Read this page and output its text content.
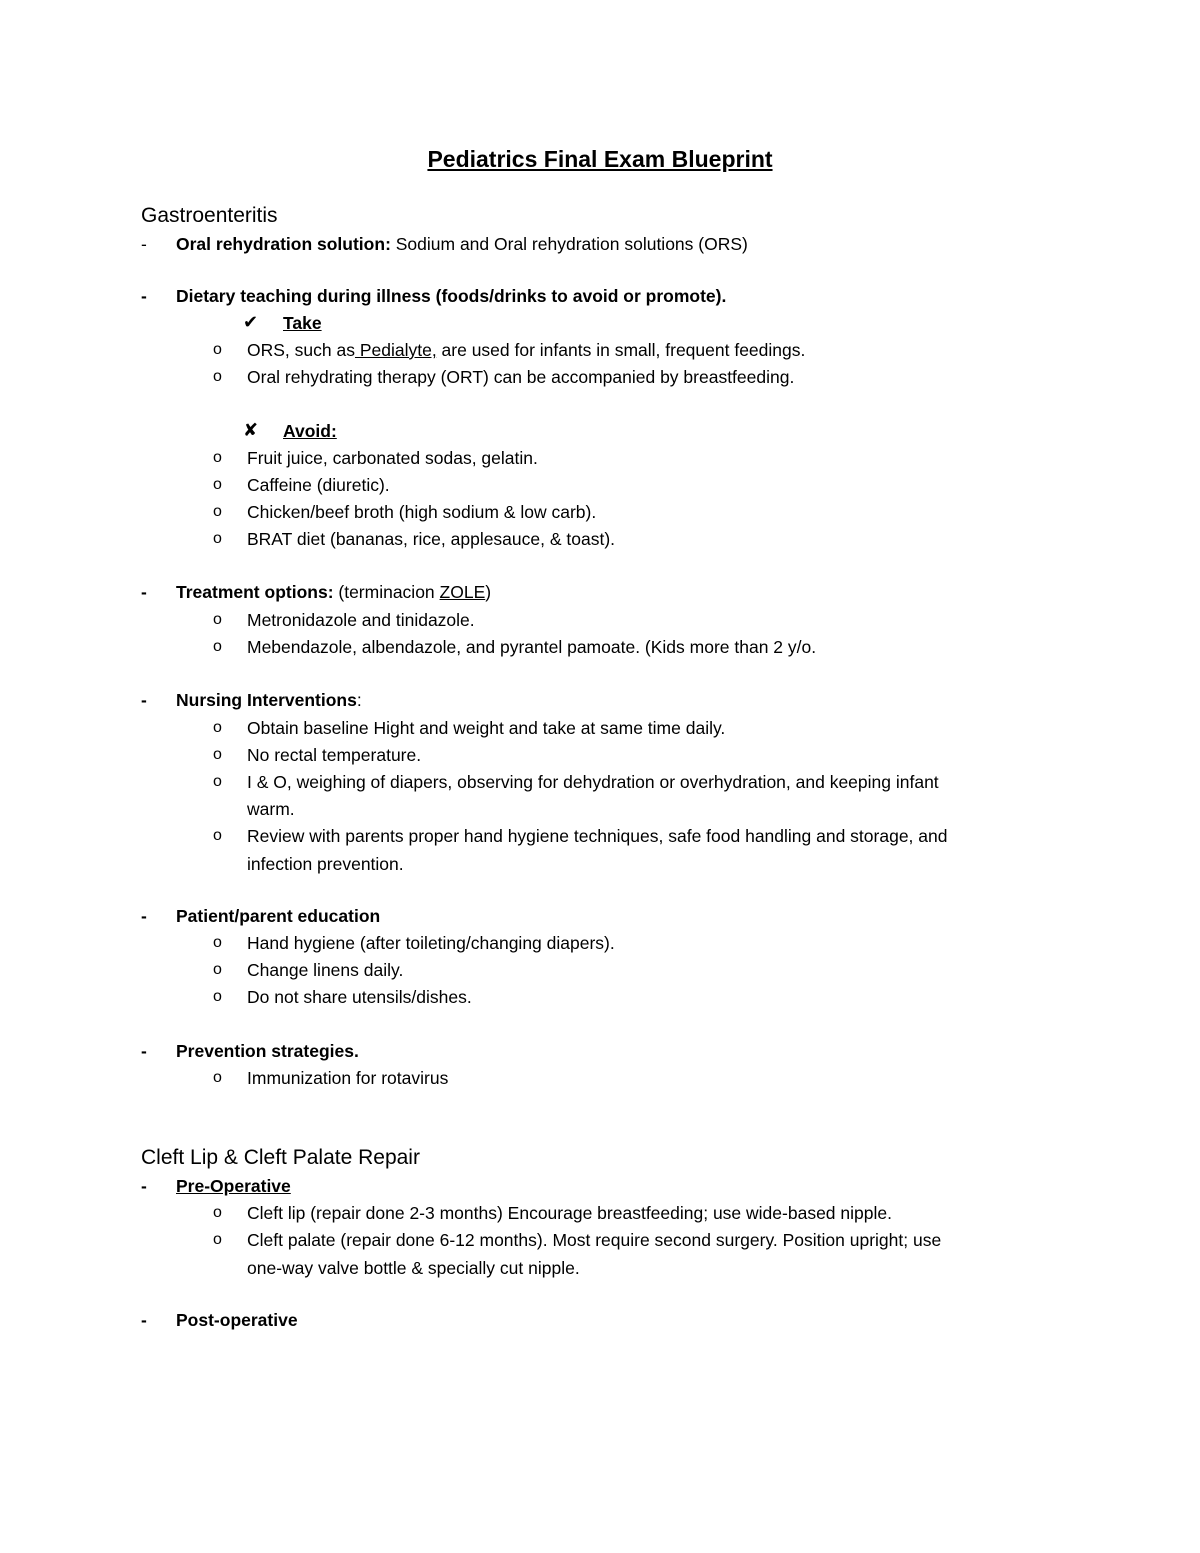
Pediatrics Final Exam Blueprint
Gastroenteritis
- Oral rehydration solution: Sodium and Oral rehydration solutions (ORS)
- Dietary teaching during illness (foods/drinks to avoid or promote).
✔ Take
o ORS, such as Pedialyte, are used for infants in small, frequent feedings.
o Oral rehydrating therapy (ORT) can be accompanied by breastfeeding.
✘ Avoid:
o Fruit juice, carbonated sodas, gelatin.
o Caffeine (diuretic).
o Chicken/beef broth (high sodium & low carb).
o BRAT diet (bananas, rice, applesauce, & toast).
- Treatment options: (terminacion ZOLE)
o Metronidazole and tinidazole.
o Mebendazole, albendazole, and pyrantel pamoate. (Kids more than 2 y/o.
- Nursing Interventions:
o Obtain baseline Hight and weight and take at same time daily.
o No rectal temperature.
o I & O, weighing of diapers, observing for dehydration or overhydration, and keeping infant
warm.
o Review with parents proper hand hygiene techniques, safe food handling and storage, and
infection prevention.
- Patient/parent education
o Hand hygiene (after toileting/changing diapers).
o Change linens daily.
o Do not share utensils/dishes.
- Prevention strategies.
o Immunization for rotavirus
Cleft Lip & Cleft Palate Repair
- Pre-Operative
o Cleft lip (repair done 2-3 months) Encourage breastfeeding; use wide-based nipple.
o Cleft palate (repair done 6-12 months). Most require second surgery. Position upright; use
one-way valve bottle & specially cut nipple.
- Post-operative
